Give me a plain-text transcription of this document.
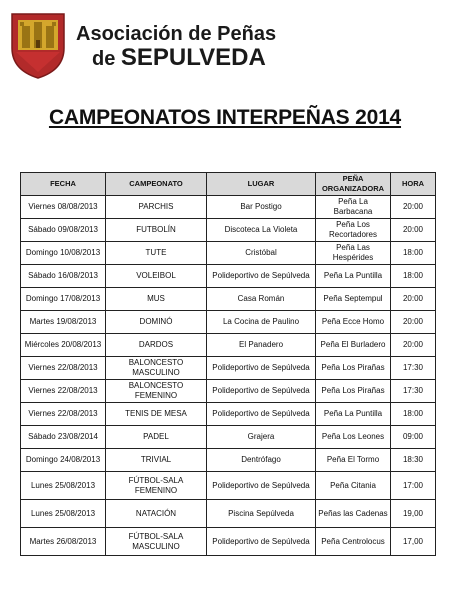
Asociación de Peñas
de SEPULVEDA
CAMPEONATOS INTERPEÑAS 2014
FECHA	CAMPEONATO	LUGAR	PEÑA ORGANIZADORA	HORA
Viernes 08/08/2013	PARCHIS	Bar Postigo	Peña La Barbacana	20:00
Sábado 09/08/2013	FUTBOLÍN	Discoteca La Violeta	Peña Los Recortadores	20:00
Domingo 10/08/2013	TUTE	Cristóbal	Peña Las Hespérides	18:00
Sábado 16/08/2013	VOLEIBOL	Polideportivo de Sepúlveda	Peña La Puntilla	18:00
Domingo 17/08/2013	MUS	Casa Román	Peña Septempul	20:00
Martes 19/08/2013	DOMINÓ	La Cocina de Paulino	Peña Ecce Homo	20:00
Miércoles 20/08/2013	DARDOS	El Panadero	Peña El Burladero	20:00
Viernes 22/08/2013	BALONCESTO MASCULINO	Polideportivo de Sepúlveda	Peña Los Pirañas	17:30
Viernes 22/08/2013	BALONCESTO FEMENINO	Polideportivo de Sepúlveda	Peña Los Pirañas	17:30
Viernes 22/08/2013	TENIS DE MESA	Polideportivo de Sepúlveda	Peña La Puntilla	18:00
Sábado 23/08/2014	PADEL	Grajera	Peña Los Leones	09:00
Domingo 24/08/2013	TRIVIAL	Dentrófago	Peña El Tormo	18:30
Lunes 25/08/2013	FÚTBOL-SALA FEMENINO	Polideportivo de Sepúlveda	Peña Citania	17:00
Lunes 25/08/2013	NATACIÓN	Piscina Sepúlveda	Peñas las Cadenas	19,00
Martes 26/08/2013	FÚTBOL-SALA MASCULINO	Polideportivo de Sepúlveda	Peña Centrolocus	17,00
